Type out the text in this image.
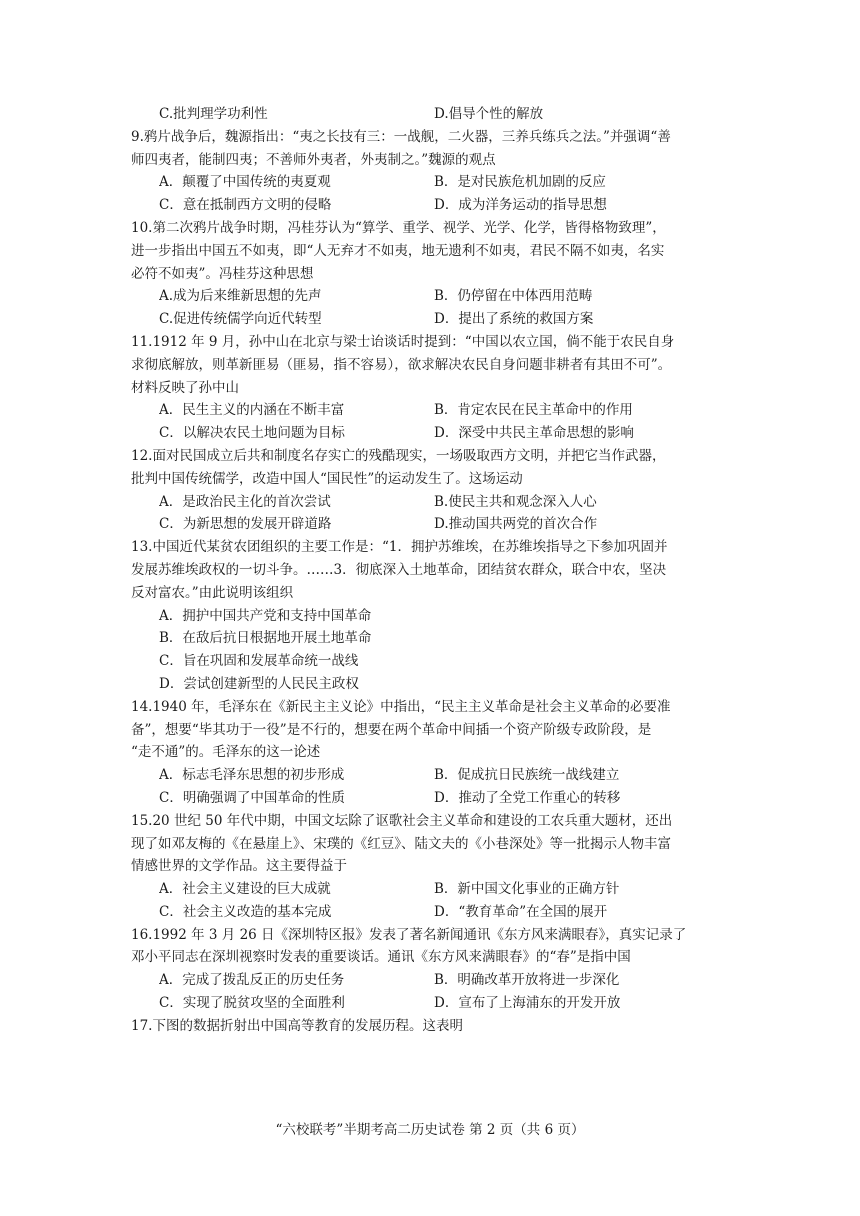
C.批判理学功利性	D.倡导个性的解放
9.鸦片战争后，魏源指出：“夷之长技有三：一战舰，二火器，三养兵练兵之法。”并强调“善
师四夷者，能制四夷；不善师外夷者，外夷制之。”魏源的观点
A．颠覆了中国传统的夷夏观	B．是对民族危机加剧的反应
C．意在抵制西方文明的侵略	D．成为洋务运动的指导思想
10.第二次鸦片战争时期，冯桂芬认为“算学、重学、视学、光学、化学，皆得格物致理”，
进一步指出中国五不如夷，即“人无弃才不如夷，地无遗利不如夷，君民不隔不如夷，名实
必符不如夷”。冯桂芬这种思想
A.成为后来维新思想的先声	B．仍停留在中体西用范畴
C.促进传统儒学向近代转型	D．提出了系统的救国方案
11.1912 年 9 月，孙中山在北京与梁士诒谈话时提到：“中国以农立国，倘不能于农民自身
求彻底解放，则革新匪易（匪易，指不容易），欲求解决农民自身问题非耕者有其田不可”。
材料反映了孙中山
A．民生主义的内涵在不断丰富	B．肯定农民在民主革命中的作用
C．以解决农民土地问题为目标	D．深受中共民主革命思想的影响
12.面对民国成立后共和制度名存实亡的残酷现实，一场吸取西方文明，并把它当作武器，
批判中国传统儒学，改造中国人“国民性”的运动发生了。这场运动
A．是政治民主化的首次尝试	B.使民主共和观念深入人心
C．为新思想的发展开辟道路	D.推动国共两党的首次合作
13.中国近代某贫农团组织的主要工作是：“1．拥护苏维埃，在苏维埃指导之下参加巩固并
发展苏维埃政权的一切斗争。……3．彻底深入土地革命，团结贫农群众，联合中农，坚决
反对富农。”由此说明该组织
A．拥护中国共产党和支持中国革命
B．在敌后抗日根据地开展土地革命
C．旨在巩固和发展革命统一战线
D．尝试创建新型的人民民主政权
14.1940 年，毛泽东在《新民主主义论》中指出，“民主主义革命是社会主义革命的必要准
备”，想要“毕其功于一役”是不行的，想要在两个革命中间插一个资产阶级专政阶段，是
“走不通”的。毛泽东的这一论述
A．标志毛泽东思想的初步形成	B．促成抗日民族统一战线建立
C．明确强调了中国革命的性质	D．推动了全党工作重心的转移
15.20 世纪 50 年代中期，中国文坛除了讴歌社会主义革命和建设的工农兵重大题材，还出
现了如邓友梅的《在悬崖上》、宋璞的《红豆》、陆文夫的《小巷深处》等一批揭示人物丰富
情感世界的文学作品。这主要得益于
A．社会主义建设的巨大成就	B．新中国文化事业的正确方针
C．社会主义改造的基本完成	D．“教育革命”在全国的展开
16.1992 年 3 月 26 日《深圳特区报》发表了著名新闻通讯《东方风来满眼春》，真实记录了
邓小平同志在深圳视察时发表的重要谈话。通讯《东方风来满眼春》的“春”是指中国
A．完成了拨乱反正的历史任务	B．明确改革开放将进一步深化
C．实现了脱贫攻坚的全面胜利	D．宣布了上海浦东的开发开放
17.下图的数据折射出中国高等教育的发展历程。这表明
“六校联考”半期考高二历史试卷 第 2 页（共 6 页）
